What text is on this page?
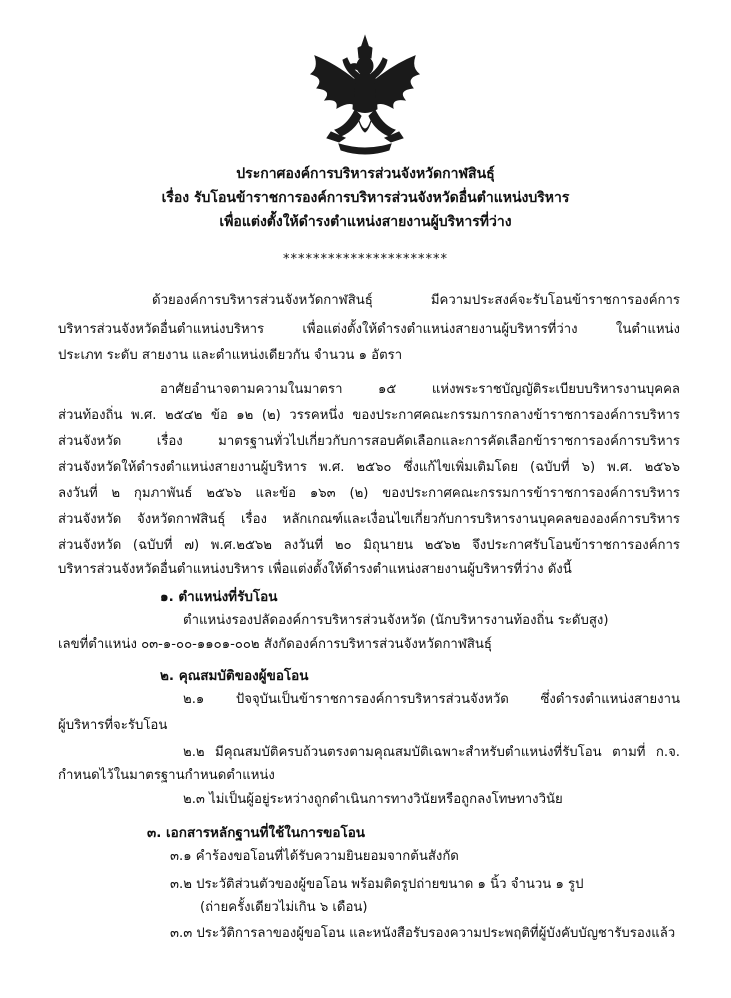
ประกาศองค์การบริหารส่วนจังหวัดกาฬสินธุ์
เรื่อง รับโอนข้าราชการองค์การบริหารส่วนจังหวัดอื่นตำแหน่งบริหาร
เพื่อแต่งตั้งให้ดำรงตำแหน่งสายงานผู้บริหารที่ว่าง
**********************
ด้วยองค์การบริหารส่วนจังหวัดกาฬสินธุ์ มีความประสงค์จะรับโอนข้าราชการองค์การ
บริหารส่วนจังหวัดอื่นตำแหน่งบริหาร เพื่อแต่งตั้งให้ดำรงตำแหน่งสายงานผู้บริหารที่ว่าง ในตำแหน่ง
ประเภท ระดับ สายงาน และตำแหน่งเดียวกัน จำนวน ๑ อัตรา
อาศัยอำนาจตามความในมาตรา ๑๕ แห่งพระราชบัญญัติระเบียบบริหารงานบุคคล
ส่วนท้องถิ่น พ.ศ. ๒๕๔๒ ข้อ ๑๒ (๒) วรรคหนึ่ง ของประกาศคณะกรรมการกลางข้าราชการองค์การบริหาร
ส่วนจังหวัด เรื่อง มาตรฐานทั่วไปเกี่ยวกับการสอบคัดเลือกและการคัดเลือกข้าราชการองค์การบริหาร
ส่วนจังหวัดให้ดำรงตำแหน่งสายงานผู้บริหาร พ.ศ. ๒๕๖๐ ซึ่งแก้ไขเพิ่มเติมโดย (ฉบับที่ ๖) พ.ศ. ๒๕๖๖
ลงวันที่ ๒ กุมภาพันธ์ ๒๕๖๖ และข้อ ๑๖๓ (๒) ของประกาศคณะกรรมการข้าราชการองค์การบริหาร
ส่วนจังหวัด จังหวัดกาฬสินธุ์ เรื่อง หลักเกณฑ์และเงื่อนไขเกี่ยวกับการบริหารงานบุคคลขององค์การบริหาร
ส่วนจังหวัด (ฉบับที่ ๗) พ.ศ.๒๕๖๒ ลงวันที่ ๒๐ มิถุนายน ๒๕๖๒ จึงประกาศรับโอนข้าราชการองค์การ
บริหารส่วนจังหวัดอื่นตำแหน่งบริหาร เพื่อแต่งตั้งให้ดำรงตำแหน่งสายงานผู้บริหารที่ว่าง ดังนี้
๑. ตำแหน่งที่รับโอน
ตำแหน่งรองปลัดองค์การบริหารส่วนจังหวัด (นักบริหารงานท้องถิ่น ระดับสูง)
เลขที่ตำแหน่ง ๐๓-๑-๐๐-๑๑๐๑-๐๐๒ สังกัดองค์การบริหารส่วนจังหวัดกาฬสินธุ์
๒. คุณสมบัติของผู้ขอโอน
๒.๑ ปัจจุบันเป็นข้าราชการองค์การบริหารส่วนจังหวัด ซึ่งดำรงตำแหน่งสายงาน
ผู้บริหารที่จะรับโอน
๒.๒ มีคุณสมบัติครบถ้วนตรงตามคุณสมบัติเฉพาะสำหรับตำแหน่งที่รับโอน ตามที่ ก.จ.
กำหนดไว้ในมาตรฐานกำหนดตำแหน่ง
๒.๓ ไม่เป็นผู้อยู่ระหว่างถูกดำเนินการทางวินัยหรือถูกลงโทษทางวินัย
๓. เอกสารหลักฐานที่ใช้ในการขอโอน
๓.๑ คำร้องขอโอนที่ได้รับความยินยอมจากต้นสังกัด
๓.๒ ประวัติส่วนตัวของผู้ขอโอน พร้อมติดรูปถ่ายขนาด ๑ นิ้ว จำนวน ๑ รูป
(ถ่ายครั้งเดียวไม่เกิน ๖ เดือน)
๓.๓ ประวัติการลาของผู้ขอโอน และหนังสือรับรองความประพฤติที่ผู้บังคับบัญชารับรองแล้ว
